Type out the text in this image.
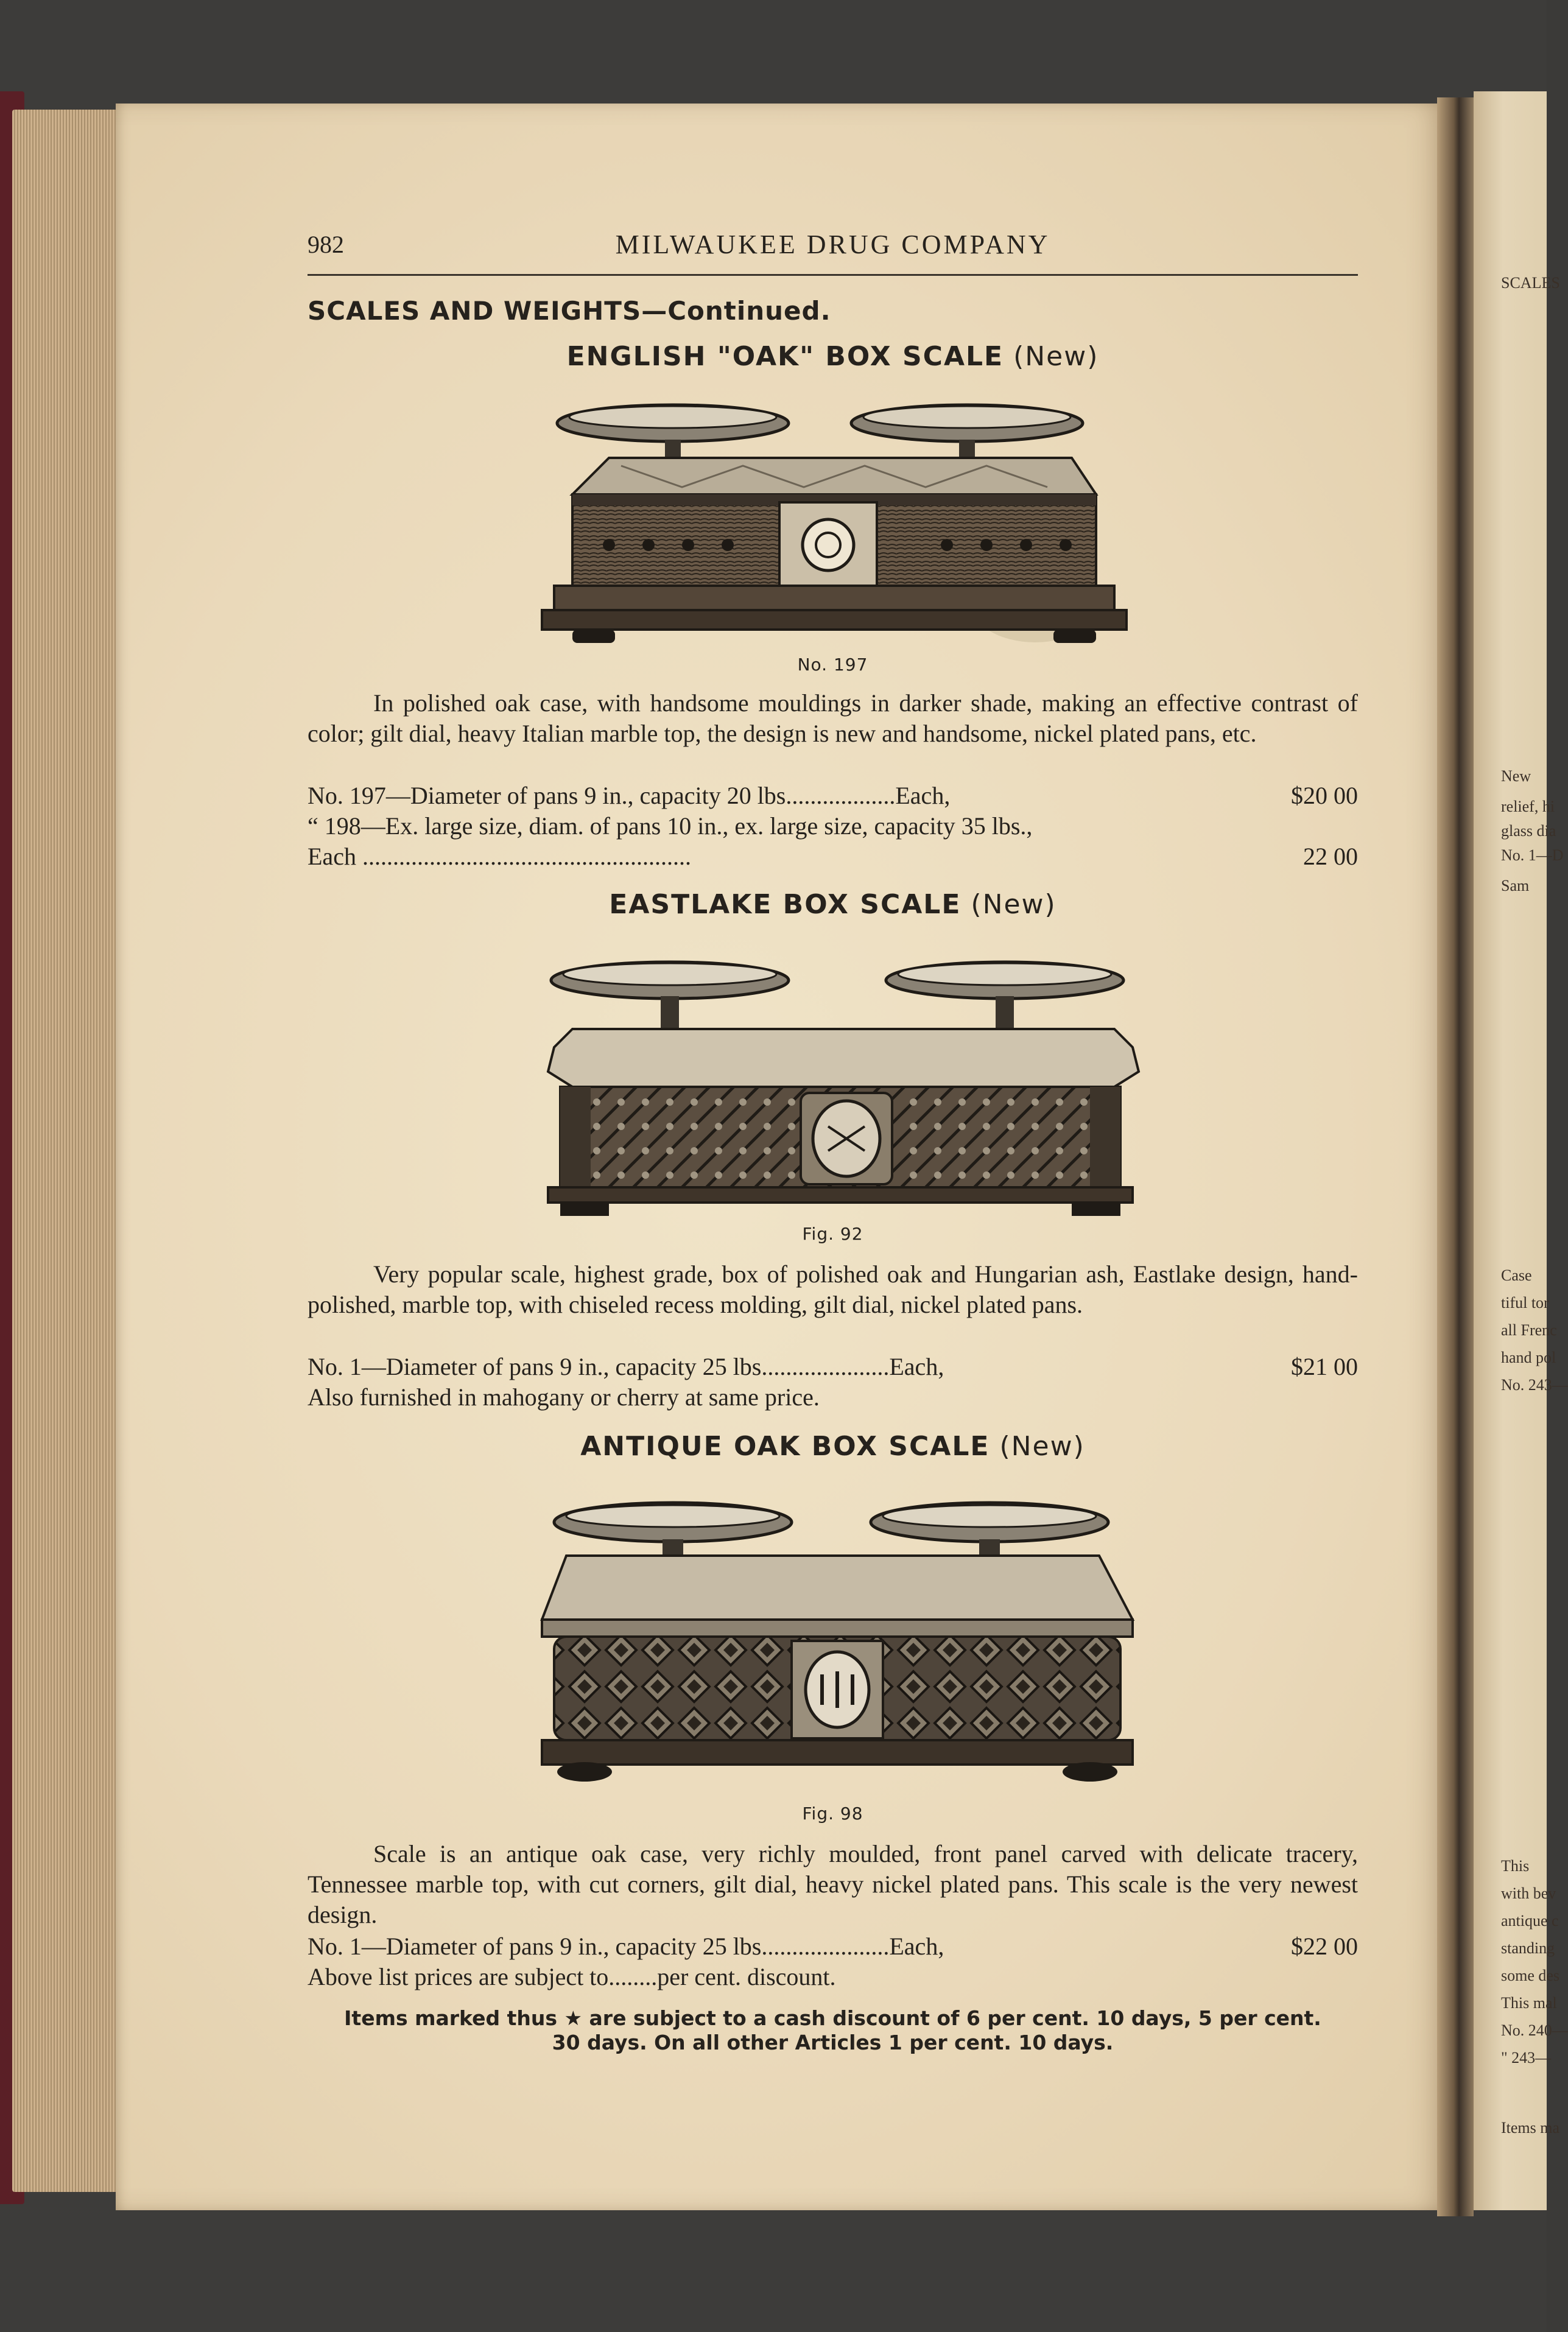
SCALES
New
relief, hi
glass dia
No. 1—D
Sam
Case
tiful tor
all Frenc
hand pol
No. 243—
This
with bev
antique c
standing
some des
This mal
No. 240—
" 243—
Items ma
982	MILWAUKEE DRUG COMPANY
SCALES AND WEIGHTS—Continued.
ENGLISH "OAK" BOX SCALE (New)
No. 197

In polished oak case, with handsome mouldings in darker shade, making an effective contrast of color; gilt dial, heavy Italian marble top, the design is new and handsome, nickel plated pans, etc.

No. 197—Diameter of pans 9 in., capacity 20 lbs..................Each,	$20 00
“ 198—Ex. large size, diam. of pans 10 in., ex. large size, capacity 35 lbs.,
Each ......................................................	22 00
EASTLAKE BOX SCALE (New)
Fig. 92

Very popular scale, highest grade, box of polished oak and Hungarian ash, Eastlake design, hand-polished, marble top, with chiseled recess molding, gilt dial, nickel plated pans.

No. 1—Diameter of pans 9 in., capacity 25 lbs.....................Each,	$21 00
Also furnished in mahogany or cherry at same price.
ANTIQUE OAK BOX SCALE (New)
Fig. 98

Scale is an antique oak case, very richly moulded, front panel carved with delicate tracery, Tennessee marble top, with cut corners, gilt dial, heavy nickel plated pans. This scale is the very newest design.

No. 1—Diameter of pans 9 in., capacity 25 lbs.....................Each,	$22 00
Above list prices are subject to........per cent. discount.
Items marked thus ★ are subject to a cash discount of 6 per cent. 10 days, 5 per cent.
30 days. On all other Articles 1 per cent. 10 days.
